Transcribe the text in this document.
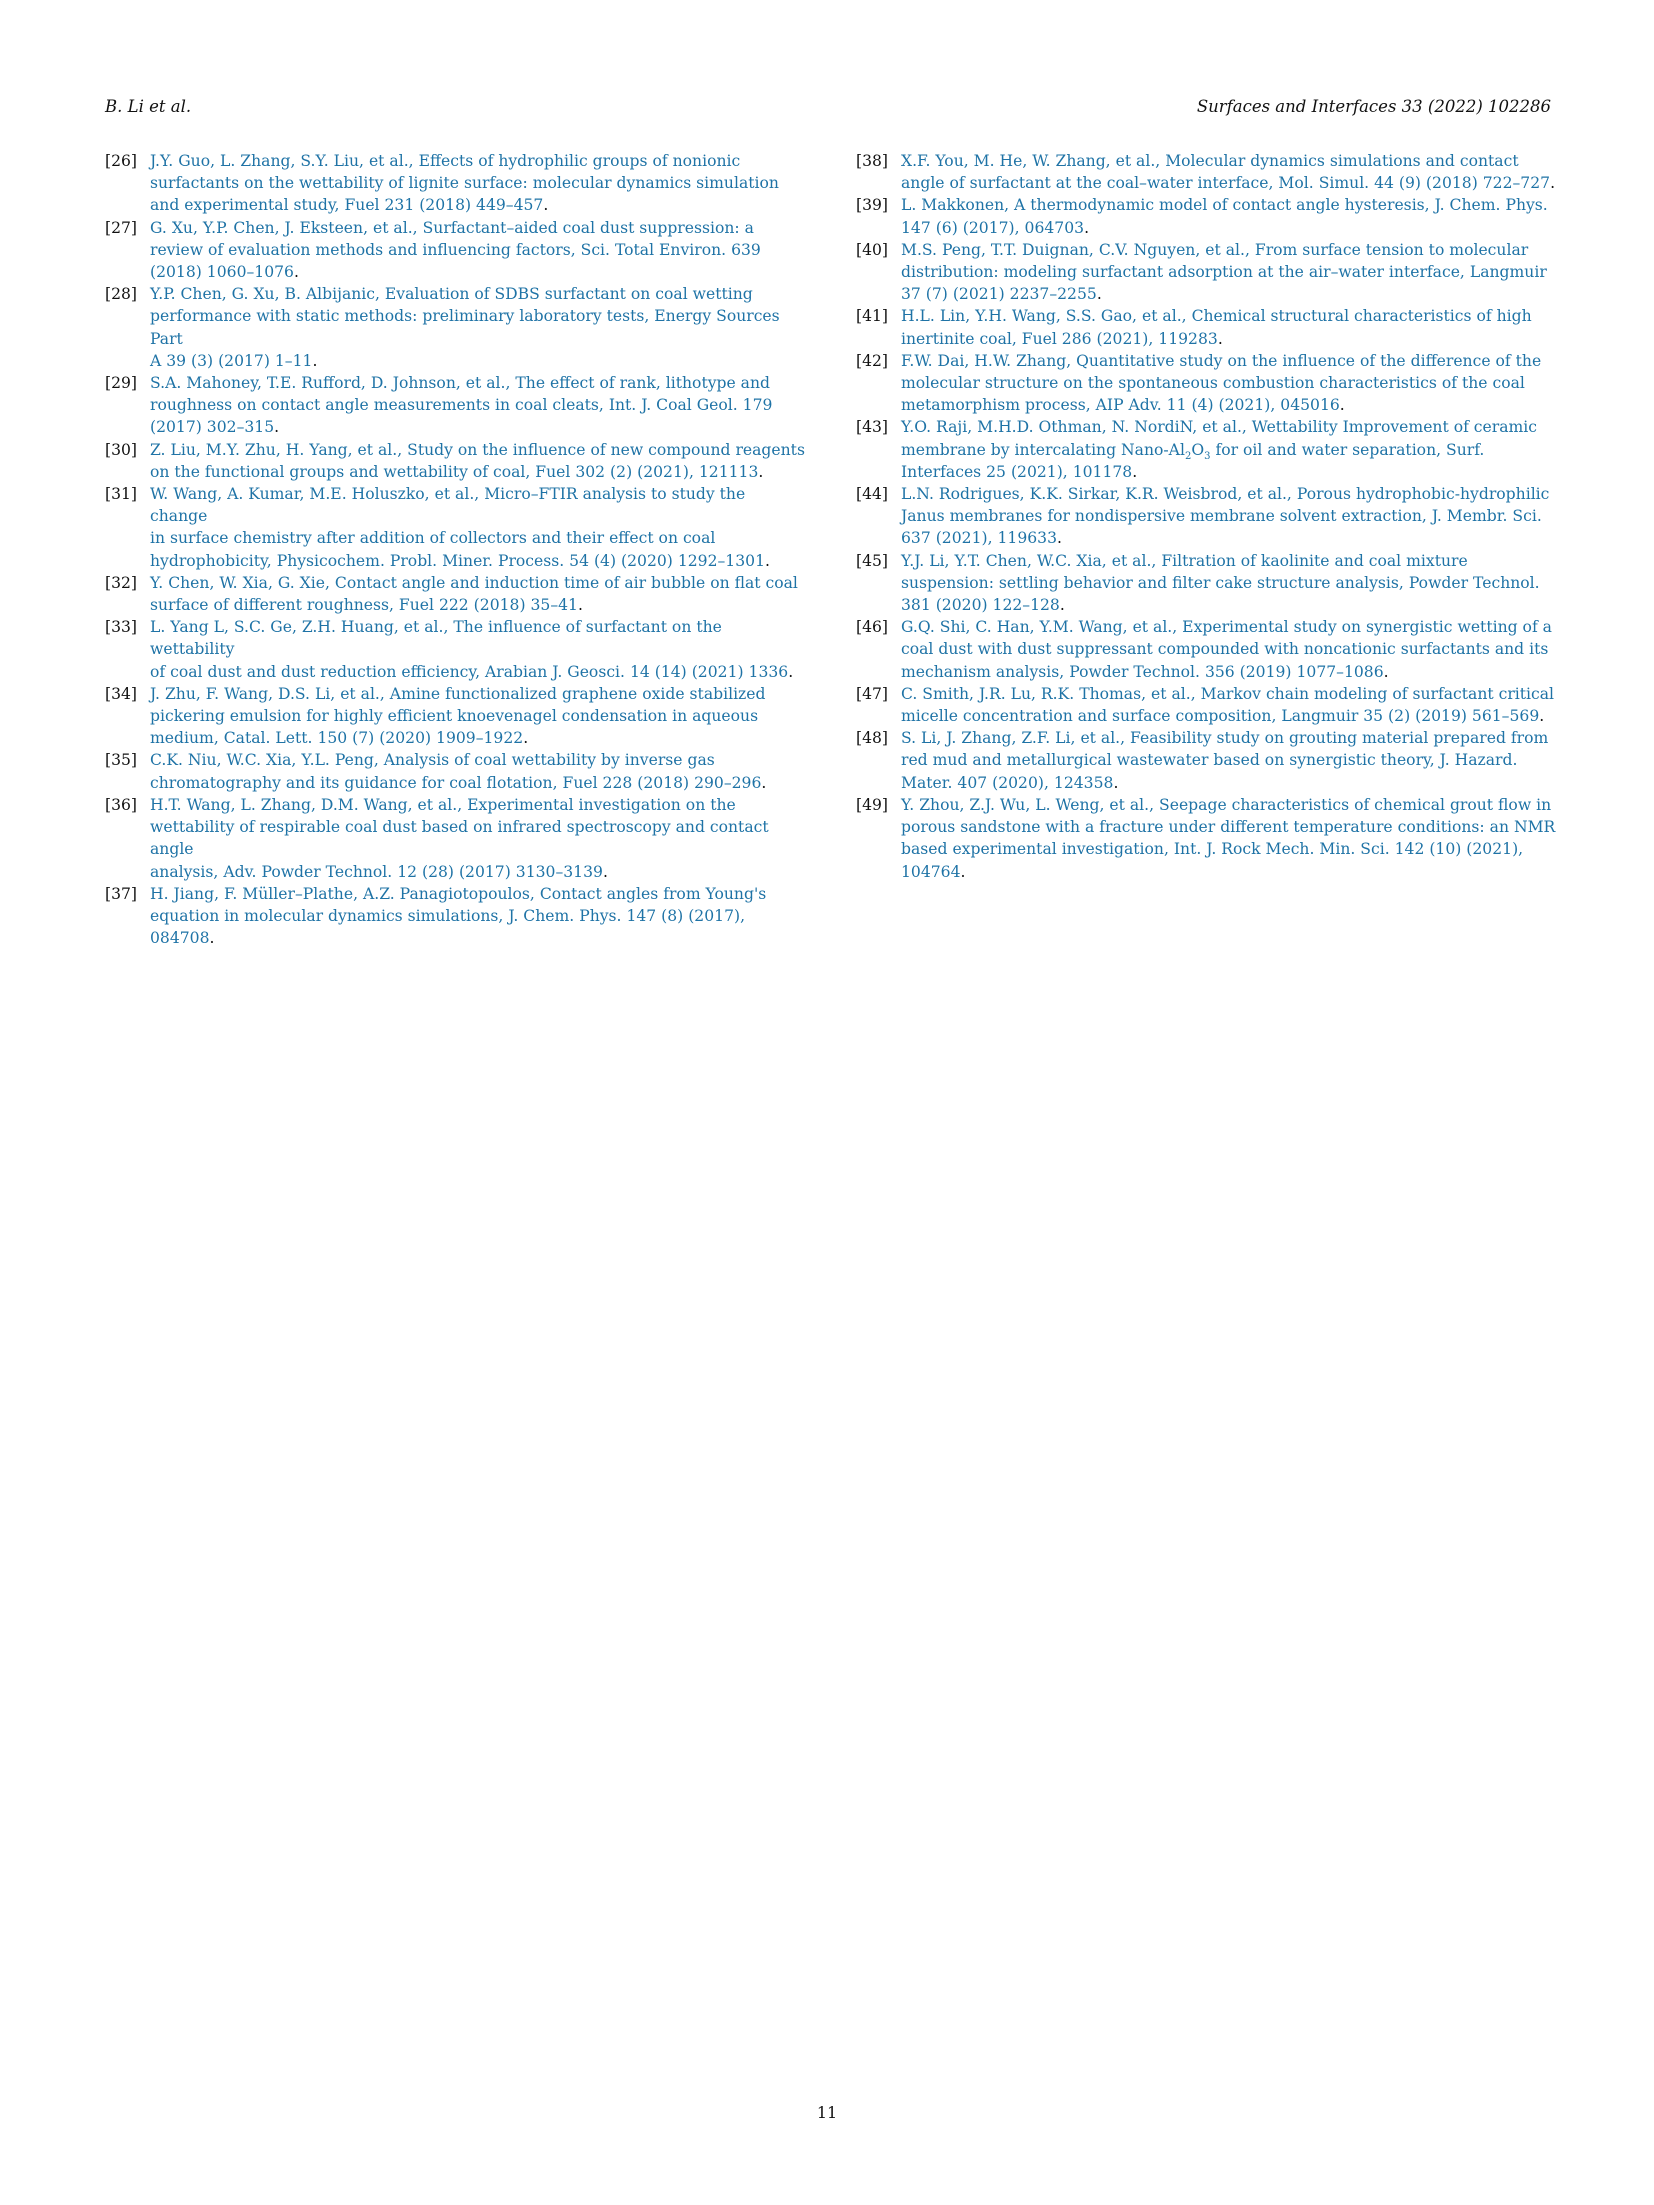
B. Li et al.	Surfaces and Interfaces 33 (2022) 102286
[26] J.Y. Guo, L. Zhang, S.Y. Liu, et al., Effects of hydrophilic groups of nonionic
surfactants on the wettability of lignite surface: molecular dynamics simulation
and experimental study, Fuel 231 (2018) 449–457.
[27] G. Xu, Y.P. Chen, J. Eksteen, et al., Surfactant–aided coal dust suppression: a
review of evaluation methods and influencing factors, Sci. Total Environ. 639
(2018) 1060–1076.
[28] Y.P. Chen, G. Xu, B. Albijanic, Evaluation of SDBS surfactant on coal wetting
performance with static methods: preliminary laboratory tests, Energy Sources Part
A 39 (3) (2017) 1–11.
[29] S.A. Mahoney, T.E. Rufford, D. Johnson, et al., The effect of rank, lithotype and
roughness on contact angle measurements in coal cleats, Int. J. Coal Geol. 179
(2017) 302–315.
[30] Z. Liu, M.Y. Zhu, H. Yang, et al., Study on the influence of new compound reagents
on the functional groups and wettability of coal, Fuel 302 (2) (2021), 121113.
[31] W. Wang, A. Kumar, M.E. Holuszko, et al., Micro–FTIR analysis to study the change
in surface chemistry after addition of collectors and their effect on coal
hydrophobicity, Physicochem. Probl. Miner. Process. 54 (4) (2020) 1292–1301.
[32] Y. Chen, W. Xia, G. Xie, Contact angle and induction time of air bubble on flat coal
surface of different roughness, Fuel 222 (2018) 35–41.
[33] L. Yang L, S.C. Ge, Z.H. Huang, et al., The influence of surfactant on the wettability
of coal dust and dust reduction efficiency, Arabian J. Geosci. 14 (14) (2021) 1336.
[34] J. Zhu, F. Wang, D.S. Li, et al., Amine functionalized graphene oxide stabilized
pickering emulsion for highly efficient knoevenagel condensation in aqueous
medium, Catal. Lett. 150 (7) (2020) 1909–1922.
[35] C.K. Niu, W.C. Xia, Y.L. Peng, Analysis of coal wettability by inverse gas
chromatography and its guidance for coal flotation, Fuel 228 (2018) 290–296.
[36] H.T. Wang, L. Zhang, D.M. Wang, et al., Experimental investigation on the
wettability of respirable coal dust based on infrared spectroscopy and contact angle
analysis, Adv. Powder Technol. 12 (28) (2017) 3130–3139.
[37] H. Jiang, F. Müller–Plathe, A.Z. Panagiotopoulos, Contact angles from Young's
equation in molecular dynamics simulations, J. Chem. Phys. 147 (8) (2017),
084708.
[38] X.F. You, M. He, W. Zhang, et al., Molecular dynamics simulations and contact
angle of surfactant at the coal–water interface, Mol. Simul. 44 (9) (2018) 722–727.
[39] L. Makkonen, A thermodynamic model of contact angle hysteresis, J. Chem. Phys.
147 (6) (2017), 064703.
[40] M.S. Peng, T.T. Duignan, C.V. Nguyen, et al., From surface tension to molecular
distribution: modeling surfactant adsorption at the air–water interface, Langmuir
37 (7) (2021) 2237–2255.
[41] H.L. Lin, Y.H. Wang, S.S. Gao, et al., Chemical structural characteristics of high
inertinite coal, Fuel 286 (2021), 119283.
[42] F.W. Dai, H.W. Zhang, Quantitative study on the influence of the difference of the
molecular structure on the spontaneous combustion characteristics of the coal
metamorphism process, AIP Adv. 11 (4) (2021), 045016.
[43] Y.O. Raji, M.H.D. Othman, N. NordiN, et al., Wettability Improvement of ceramic
membrane by intercalating Nano-$Al_2O_3$ for oil and water separation, Surf.
Interfaces 25 (2021), 101178.
[44] L.N. Rodrigues, K.K. Sirkar, K.R. Weisbrod, et al., Porous hydrophobic-hydrophilic
Janus membranes for nondispersive membrane solvent extraction, J. Membr. Sci.
637 (2021), 119633.
[45] Y.J. Li, Y.T. Chen, W.C. Xia, et al., Filtration of kaolinite and coal mixture
suspension: settling behavior and filter cake structure analysis, Powder Technol.
381 (2020) 122–128.
[46] G.Q. Shi, C. Han, Y.M. Wang, et al., Experimental study on synergistic wetting of a
coal dust with dust suppressant compounded with noncationic surfactants and its
mechanism analysis, Powder Technol. 356 (2019) 1077–1086.
[47] C. Smith, J.R. Lu, R.K. Thomas, et al., Markov chain modeling of surfactant critical
micelle concentration and surface composition, Langmuir 35 (2) (2019) 561–569.
[48] S. Li, J. Zhang, Z.F. Li, et al., Feasibility study on grouting material prepared from
red mud and metallurgical wastewater based on synergistic theory, J. Hazard.
Mater. 407 (2020), 124358.
[49] Y. Zhou, Z.J. Wu, L. Weng, et al., Seepage characteristics of chemical grout flow in
porous sandstone with a fracture under different temperature conditions: an NMR
based experimental investigation, Int. J. Rock Mech. Min. Sci. 142 (10) (2021),
104764.
11
